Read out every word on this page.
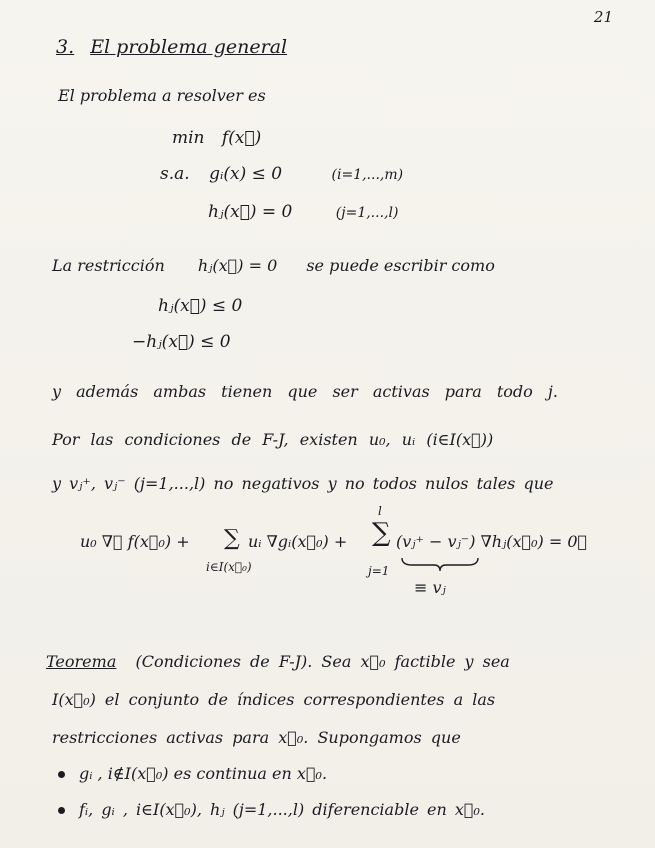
21
3. El problema general
El problema a resolver es
min f(x⃗)
s.a. gᵢ(x) ≤ 0	(i=1,...,m)
hⱼ(x⃗) = 0	(j=1,...,l)
La restricción hⱼ(x⃗) = 0 se puede escribir como
hⱼ(x⃗) ≤ 0
−hⱼ(x⃗) ≤ 0
y además ambas tienen que ser activas para todo j.
Por las condiciones de F-J, existen u₀, uᵢ (i∈I(x⃗))
y vⱼ⁺, vⱼ⁻ (j=1,...,l) no negativos y no todos nulos tales que
u₀ ∇⃗ f(x⃗₀) + ∑
i∈I(x⃗₀)
uᵢ ∇gᵢ(x⃗₀) +
l
∑
j=1
(vⱼ⁺ − vⱼ⁻) ∇hⱼ(x⃗₀) = 0⃗
≡ vⱼ
Teorema (Condiciones de F-J). Sea x⃗₀ factible y sea
I(x⃗₀) el conjunto de índices correspondientes a las
restricciones activas para x⃗₀. Supongamos que
gᵢ , i∉I(x⃗₀) es continua en x⃗₀.
fᵢ, gᵢ , i∈I(x⃗₀), hⱼ (j=1,...,l) diferenciable en x⃗₀.
